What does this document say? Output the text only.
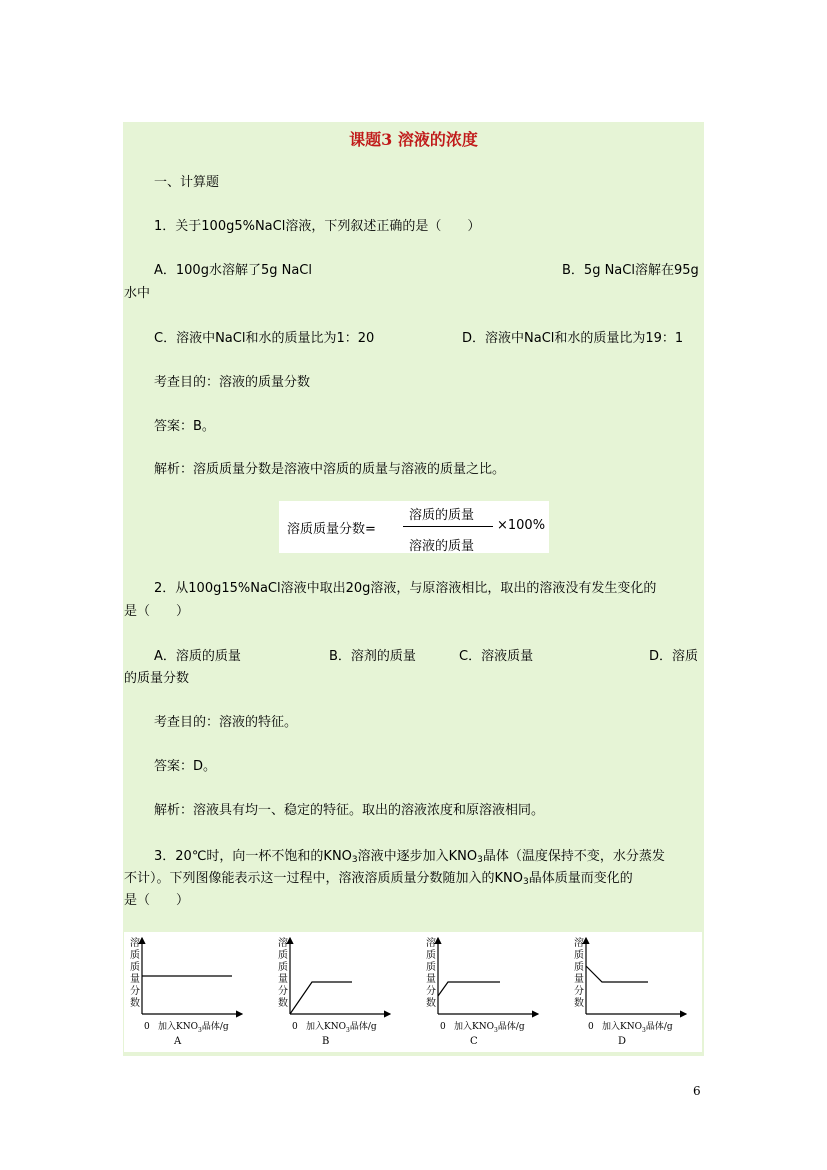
课题3 溶液的浓度
一、计算题
1．关于100g5%NaCl溶液，下列叙述正确的是（　　）
A．100g水溶解了5g NaCl	B．5g NaCl溶解在95g
水中
C．溶液中NaCl和水的质量比为1：20	D．溶液中NaCl和水的质量比为19：1
考查目的：溶液的质量分数
答案：B。
解析：溶质质量分数是溶液中溶质的质量与溶液的质量之比。
溶质质量分数=
溶质的质量
溶液的质量
×100%
2．从100g15%NaCl溶液中取出20g溶液，与原溶液相比，取出的溶液没有发生变化的
是（　　）
A．溶质的质量	B．溶剂的质量	C．溶液质量	D．溶质
的质量分数
考查目的：溶液的特征。
答案：D。
解析：溶液具有均一、稳定的特征。取出的溶液浓度和原溶液相同。
3．20℃时，向一杯不饱和的$KNO_3$溶液中逐步加入$KNO_3$晶体（温度保持不变，水分蒸发
不计）。下列图像能表示这一过程中，溶液溶质质量分数随加入的$KNO_3$晶体质量而变化的
是（　　）
溶
质
质
量
分
数
0 加入$KNO_3$晶体/g
A
溶
质
质
量
分
数
0 加入$KNO_3$晶体/g
B
溶
质
质
量
分
数
0 加入$KNO_3$晶体/g
C
溶
质
质
量
分
数
0 加入$KNO_3$晶体/g
D
6
